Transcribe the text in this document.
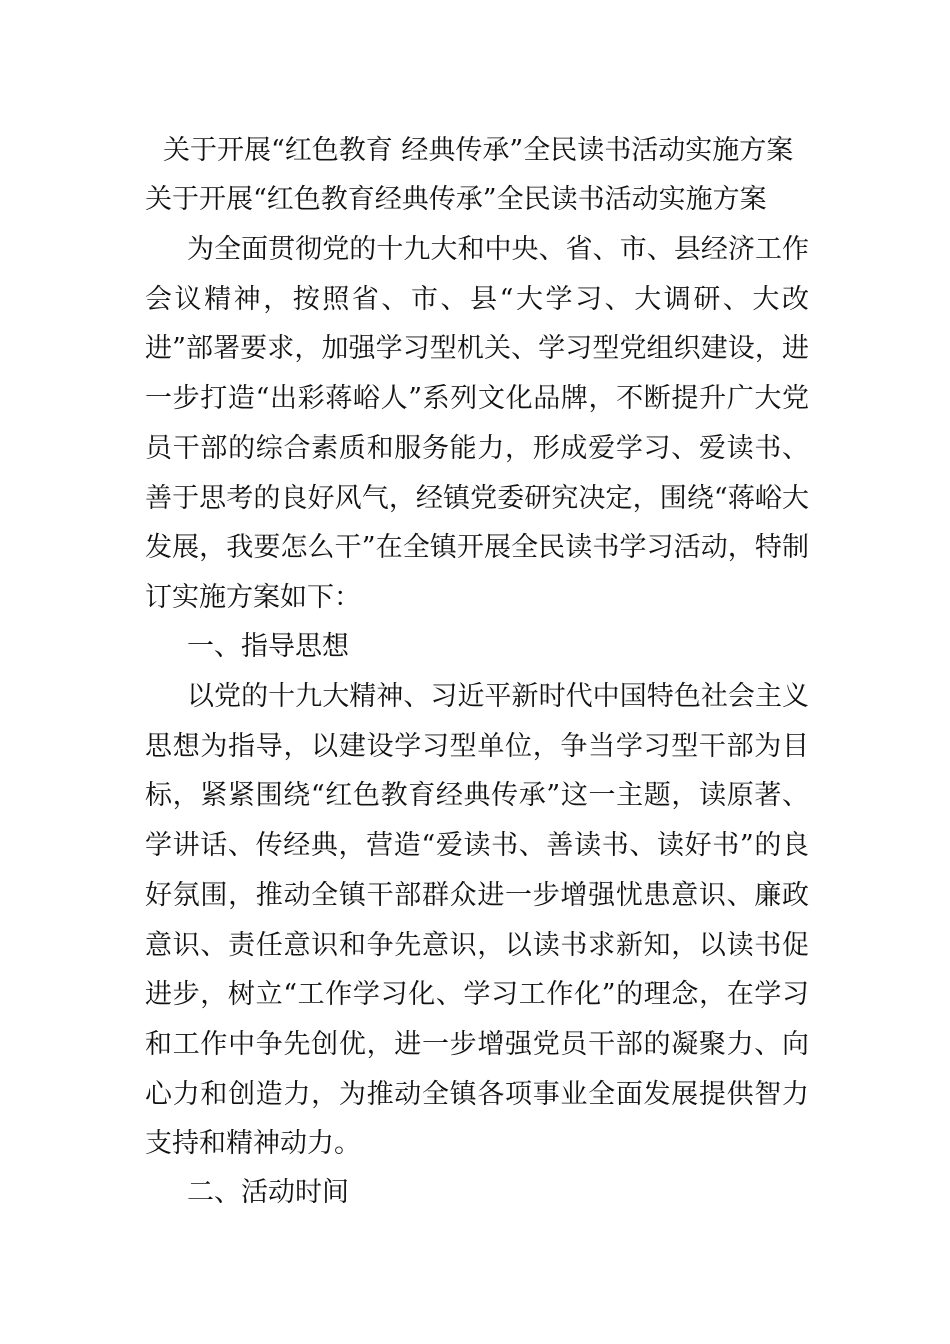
关于开展“红色教育 经典传承”全民读书活动实施方案
关于开展“红色教育经典传承”全民读书活动实施方案

为全面贯彻党的十九大和中央、省、市、县经济工作会议精神，按照省、市、县“大学习、大调研、大改进”部署要求，加强学习型机关、学习型党组织建设，进一步打造“出彩蒋峪人”系列文化品牌，不断提升广大党员干部的综合素质和服务能力，形成爱学习、爱读书、善于思考的良好风气，经镇党委研究决定，围绕“蒋峪大发展，我要怎么干”在全镇开展全民读书学习活动，特制订实施方案如下：

一、指导思想

以党的十九大精神、习近平新时代中国特色社会主义思想为指导，以建设学习型单位，争当学习型干部为目标，紧紧围绕“红色教育经典传承”这一主题，读原著、学讲话、传经典，营造“爱读书、善读书、读好书”的良好氛围，推动全镇干部群众进一步增强忧患意识、廉政意识、责任意识和争先意识，以读书求新知，以读书促进步，树立“工作学习化、学习工作化”的理念，在学习和工作中争先创优，进一步增强党员干部的凝聚力、向心力和创造力，为推动全镇各项事业全面发展提供智力支持和精神动力。

二、活动时间
